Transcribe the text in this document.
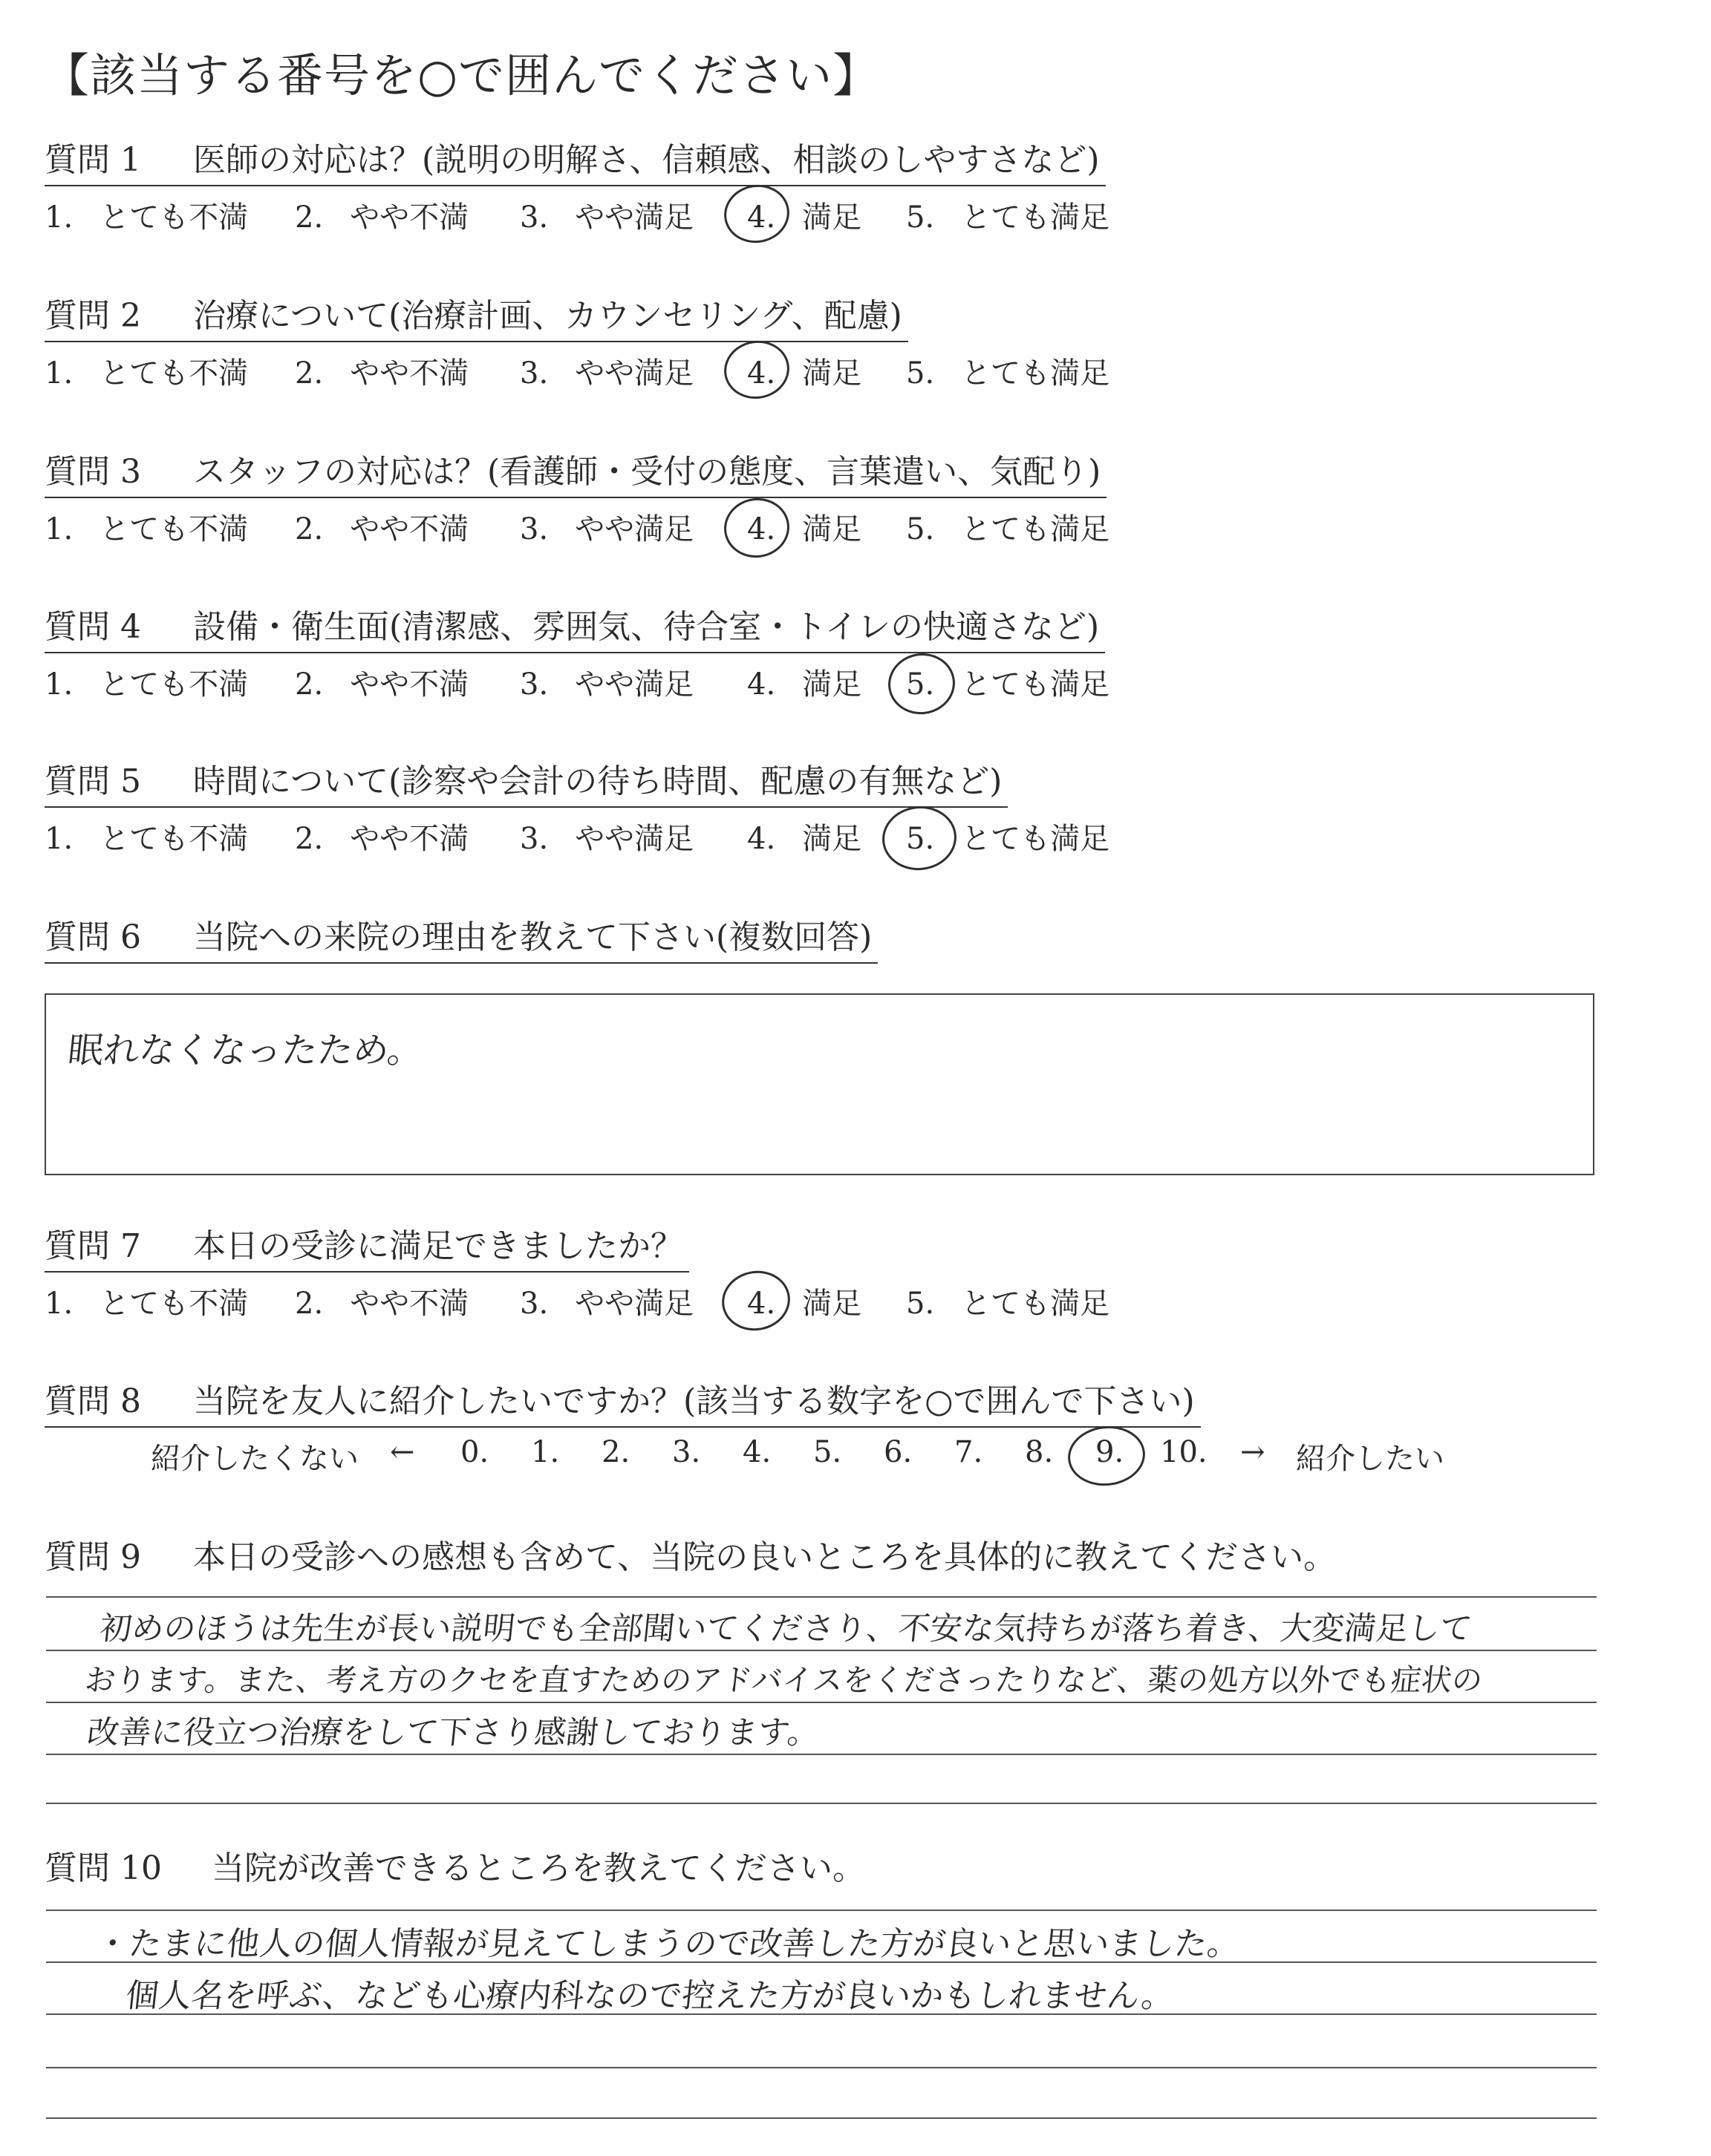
【該当する番号を○で囲んでください】
質問 1 医師の対応は？(説明の明解さ、信頼感、相談のしやすさなど)
1. とても不満 2. やや不満 3. やや満足 4. 満足 5. とても満足
質問 2 治療について(治療計画、カウンセリング、配慮)
1. とても不満 2. やや不満 3. やや満足 4. 満足 5. とても満足
質問 3 スタッフの対応は？(看護師・受付の態度、言葉遣い、気配り)
1. とても不満 2. やや不満 3. やや満足 4. 満足 5. とても満足
質問 4 設備・衛生面(清潔感、雰囲気、待合室・トイレの快適さなど)
1. とても不満 2. やや不満 3. やや満足 4. 満足 5. とても満足
質問 5 時間について(診察や会計の待ち時間、配慮の有無など)
1. とても不満 2. やや不満 3. やや満足 4. 満足 5. とても満足
質問 6 当院への来院の理由を教えて下さい(複数回答)
眠れなくなったため。
質問 7 本日の受診に満足できましたか？
1. とても不満 2. やや不満 3. やや満足 4. 満足 5. とても満足
質問 8 当院を友人に紹介したいですか？(該当する数字を○で囲んで下さい)
紹介したくない ← 0. 1. 2. 3. 4. 5. 6. 7. 8. 9. 10. → 紹介したい
質問 9 本日の受診への感想も含めて、当院の良いところを具体的に教えてください。
初めのほうは先生が長い説明でも全部聞いてくださり、不安な気持ちが落ち着き、大変満足して
おります。また、考え方のクセを直すためのアドバイスをくださったりなど、薬の処方以外でも症状の
改善に役立つ治療をして下さり感謝しております。
質問 10 当院が改善できるところを教えてください。
・たまに他人の個人情報が見えてしまうので改善した方が良いと思いました。
個人名を呼ぶ、なども心療内科なので控えた方が良いかもしれません。
